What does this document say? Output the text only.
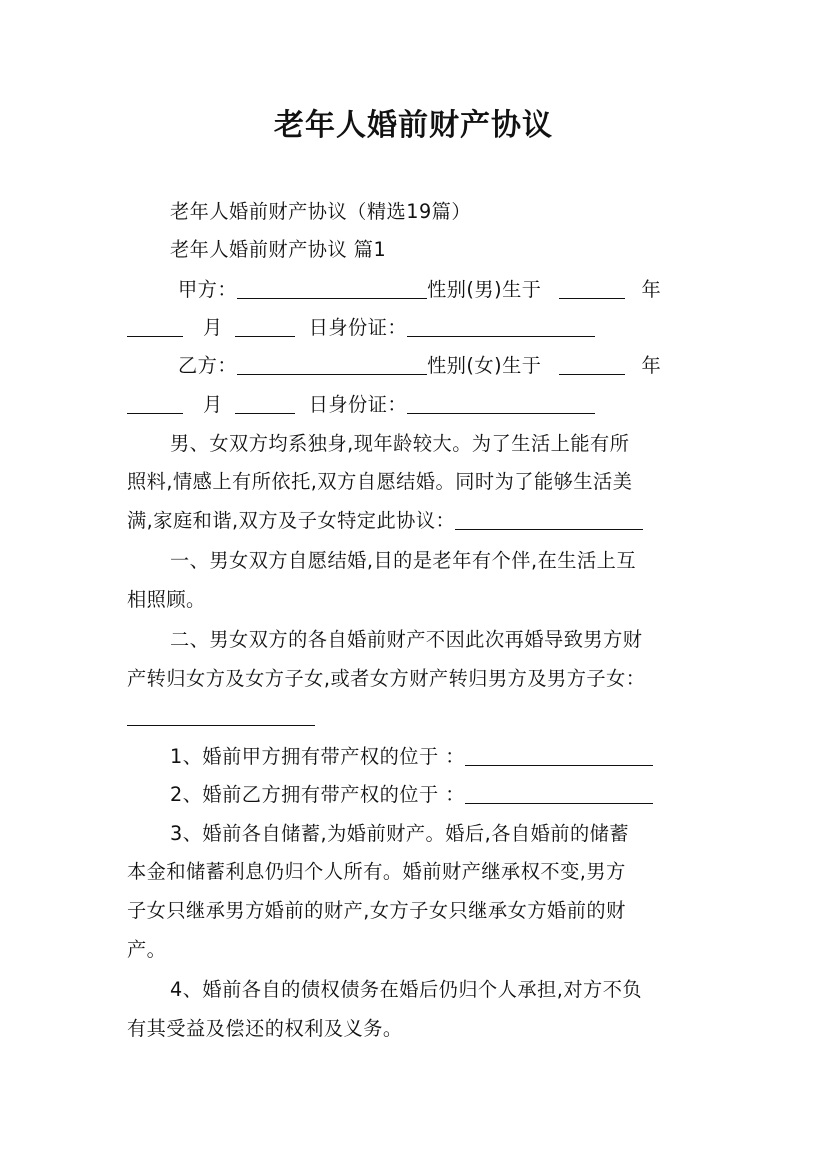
老年人婚前财产协议
老年人婚前财产协议（精选19篇）
老年人婚前财产协议 篇1
甲方：	性别(男)生于	年
月	日身份证：
乙方：	性别(女)生于	年
月	日身份证：
男、女双方均系独身,现年龄较大。为了生活上能有所
照料,情感上有所依托,双方自愿结婚。同时为了能够生活美
满,家庭和谐,双方及子女特定此协议：
一、男女双方自愿结婚,目的是老年有个伴,在生活上互
相照顾。
二、男女双方的各自婚前财产不因此次再婚导致男方财
产转归女方及女方子女,或者女方财产转归男方及男方子女：
1、婚前甲方拥有带产权的位于 ：
2、婚前乙方拥有带产权的位于 ：
3、婚前各自储蓄,为婚前财产。婚后,各自婚前的储蓄
本金和储蓄利息仍归个人所有。婚前财产继承权不变,男方
子女只继承男方婚前的财产,女方子女只继承女方婚前的财
产。
4、婚前各自的债权债务在婚后仍归个人承担,对方不负
有其受益及偿还的权利及义务。
